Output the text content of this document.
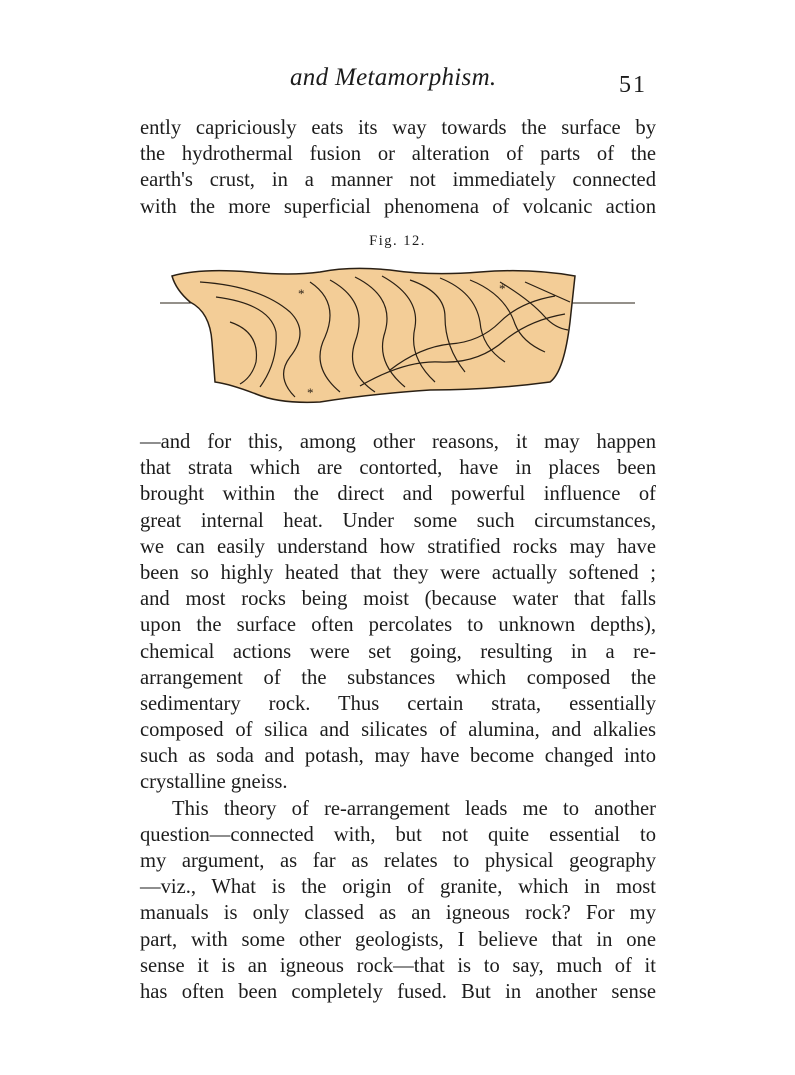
and Metamorphism.	51
ently capriciously eats its way towards the surface by
the hydrothermal fusion or alteration of parts of the
earth's crust, in a manner not immediately connected
with the more superficial phenomena of volcanic action
Fig. 12.
*	*
*
—and for this, among other reasons, it may happen
that strata which are contorted, have in places been
brought within the direct and powerful influence of
great internal heat. Under some such circumstances,
we can easily understand how stratified rocks may have
been so highly heated that they were actually softened ;
and most rocks being moist (because water that falls
upon the surface often percolates to unknown depths),
chemical actions were set going, resulting in a re-
arrangement of the substances which composed the
sedimentary rock. Thus certain strata, essentially
composed of silica and silicates of alumina, and alkalies
such as soda and potash, may have become changed into
crystalline gneiss.
This theory of re-arrangement leads me to another
question—connected with, but not quite essential to
my argument, as far as relates to physical geography
—viz., What is the origin of granite, which in most
manuals is only classed as an igneous rock? For my
part, with some other geologists, I believe that in one
sense it is an igneous rock—that is to say, much of it
has often been completely fused. But in another sense
